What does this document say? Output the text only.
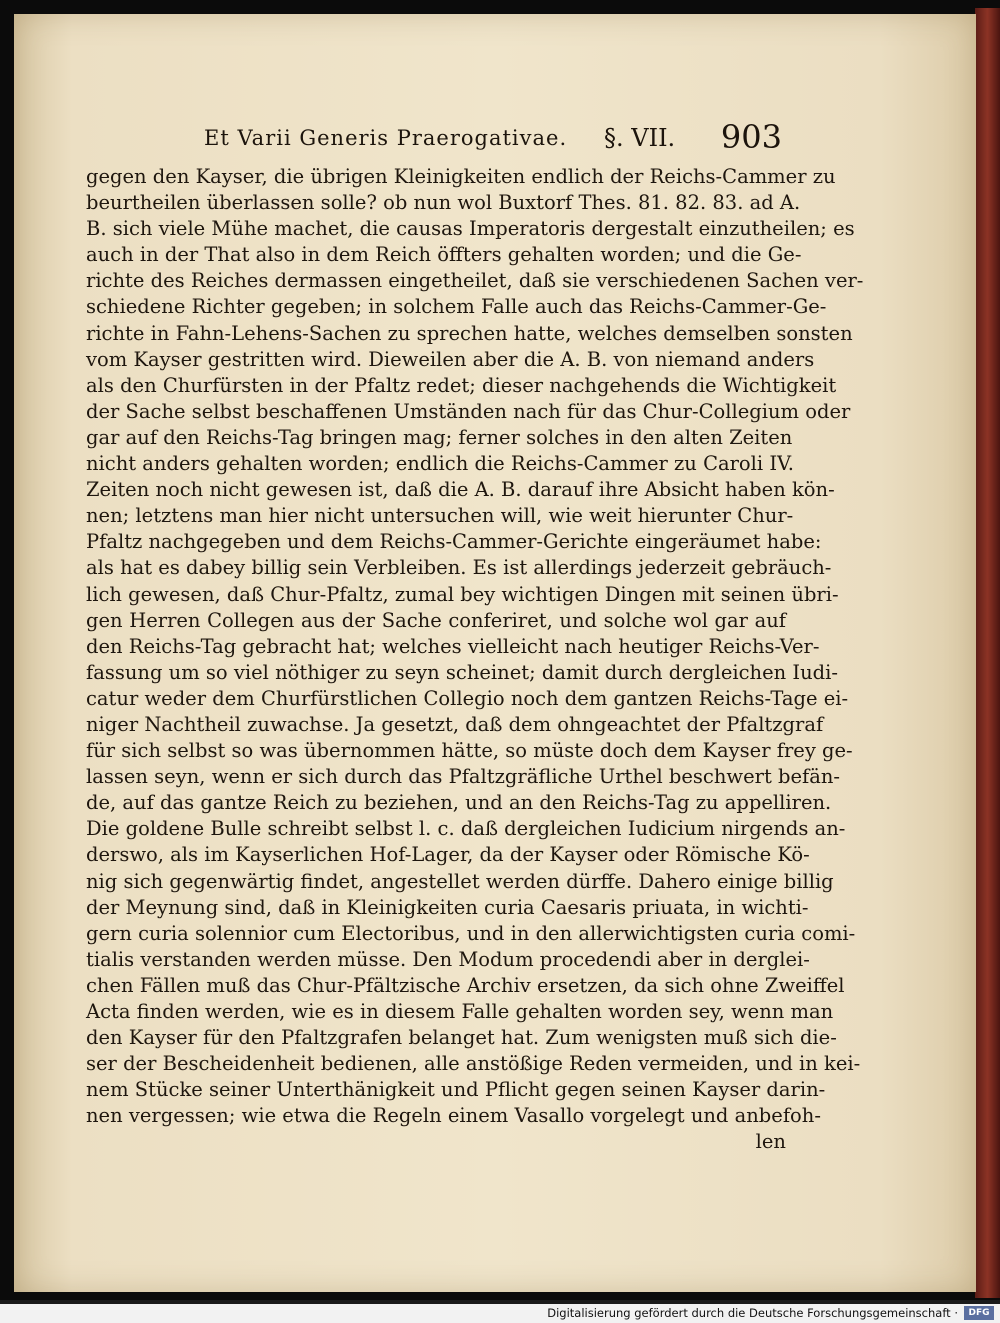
Et Varii Generis Praerogativae. §. VII. 903
gegen den Kayser, die übrigen Kleinigkeiten endlich der Reichs-Cammer zu
beurtheilen überlassen solle? ob nun wol Buxtorf Thes. 81. 82. 83. ad A.
B. sich viele Mühe machet, die causas Imperatoris dergestalt einzutheilen; es
auch in der That also in dem Reich öffters gehalten worden; und die Ge-
richte des Reiches dermassen eingetheilet, daß sie verschiedenen Sachen ver-
schiedene Richter gegeben; in solchem Falle auch das Reichs-Cammer-Ge-
richte in Fahn-Lehens-Sachen zu sprechen hatte, welches demselben sonsten
vom Kayser gestritten wird. Dieweilen aber die A. B. von niemand anders
als den Churfürsten in der Pfaltz redet; dieser nachgehends die Wichtigkeit
der Sache selbst beschaffenen Umständen nach für das Chur-Collegium oder
gar auf den Reichs-Tag bringen mag; ferner solches in den alten Zeiten
nicht anders gehalten worden; endlich die Reichs-Cammer zu Caroli IV.
Zeiten noch nicht gewesen ist, daß die A. B. darauf ihre Absicht haben kön-
nen; letztens man hier nicht untersuchen will, wie weit hierunter Chur-
Pfaltz nachgegeben und dem Reichs-Cammer-Gerichte eingeräumet habe:
als hat es dabey billig sein Verbleiben. Es ist allerdings jederzeit gebräuch-
lich gewesen, daß Chur-Pfaltz, zumal bey wichtigen Dingen mit seinen übri-
gen Herren Collegen aus der Sache conferiret, und solche wol gar auf
den Reichs-Tag gebracht hat; welches vielleicht nach heutiger Reichs-Ver-
fassung um so viel nöthiger zu seyn scheinet; damit durch dergleichen Iudi-
catur weder dem Churfürstlichen Collegio noch dem gantzen Reichs-Tage ei-
niger Nachtheil zuwachse. Ja gesetzt, daß dem ohngeachtet der Pfaltzgraf
für sich selbst so was übernommen hätte, so müste doch dem Kayser frey ge-
lassen seyn, wenn er sich durch das Pfaltzgräfliche Urthel beschwert befän-
de, auf das gantze Reich zu beziehen, und an den Reichs-Tag zu appelliren.
Die goldene Bulle schreibt selbst l. c. daß dergleichen Iudicium nirgends an-
derswo, als im Kayserlichen Hof-Lager, da der Kayser oder Römische Kö-
nig sich gegenwärtig findet, angestellet werden dürffe. Dahero einige billig
der Meynung sind, daß in Kleinigkeiten curia Caesaris priuata, in wichti-
gern curia solennior cum Electoribus, und in den allerwichtigsten curia comi-
tialis verstanden werden müsse. Den Modum procedendi aber in derglei-
chen Fällen muß das Chur-Pfältzische Archiv ersetzen, da sich ohne Zweiffel
Acta finden werden, wie es in diesem Falle gehalten worden sey, wenn man
den Kayser für den Pfaltzgrafen belanget hat. Zum wenigsten muß sich die-
ser der Bescheidenheit bedienen, alle anstößige Reden vermeiden, und in kei-
nem Stücke seiner Unterthänigkeit und Pflicht gegen seinen Kayser darin-
nen vergessen; wie etwa die Regeln einem Vasallo vorgelegt und anbefoh-
len
Digitalisierung gefördert durch die Deutsche Forschungsgemeinschaft ·	DFG
